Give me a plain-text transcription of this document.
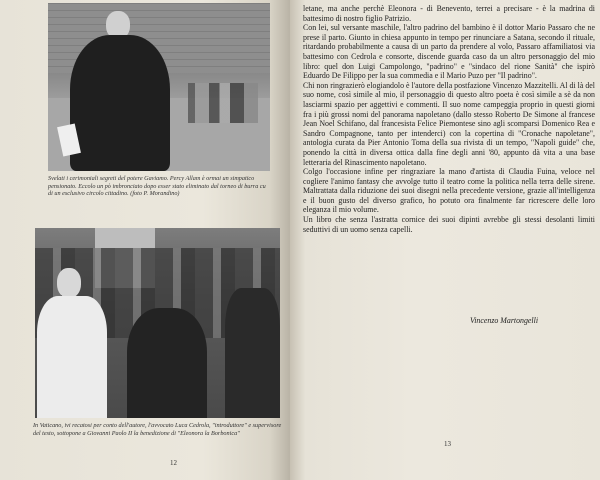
Svelati i cerimoniali segreti del potere Gaviamo. Percy Allam è ormai un simpatico pensionato. Eccolo un pò imbronciato dopo esser stato eliminato dal torneo di burra cu di un esclusivo circolo cittadino. (foto P. Morandino)

In Vaticano, ivi recatosi per conto dell'autore, l'avvocato Luca Cedrola, "introduttore" e supervisore del testo, sottopone a Giovanni Paolo II la benedizione di "Eleonora la Borbonica"

12

letane, ma anche perchè Eleonora - di Benevento, terrei a precisare - è la madrina di battesimo di nostro figlio Patrizio.

Con lei, sul versante maschile, l'altro padrino del bambino è il dottor Mario Passaro che ne prese il parto. Giunto in chiesa appunto in tempo per rinunciare a Satana, secondo il rituale, ritardando probabilmente a causa di un parto da prendere al volo, Passaro affamiliatosi via battesimo con Cedrola e consorte, discende guarda caso da un altro personaggio del mio libro: quel don Luigi Campolongo, "padrino" e "sindaco del rione Sanità" che ispirò Eduardo De Filippo per la sua commedia e il Mario Puzo per "Il padrino".

Chi non ringrazierò elogiandolo è l'autore della postfazione Vincenzo Mazzitelli. Al di là del suo nome, così simile al mio, il personaggio di questo altro poeta è così simile a sè da non lasciarmi spazio per aggettivi e commenti. Il suo nome campeggia proprio in questi giorni fra i più grossi nomi del panorama napoletano (dallo stesso Roberto De Simone al francese Jean Noel Schifano, dal francesista Felice Piemontese sino agli scomparsi Domenico Rea e Sandro Compagnone, tanto per intenderci) con la copertina di "Cronache napoletane", antologia curata da Pier Antonio Toma della sua rivista di un tempo, "Napoli guide" che, ponendo la città in diversa ottica dalla fine degli anni '80, appunto dà vita a una base letteraria del Rinascimento napoletano.

Colgo l'occasione infine per ringraziare la mano d'artista di Claudia Fuina, veloce nel cogliere l'animo fantasy che avvolge tutto il teatro come la politica nella terra delle sirene. Maltrattata dalla riduzione dei suoi disegni nella precedente versione, grazie all'intelligenza e il buon gusto del diverso grafico, ho potuto ora finalmente far ricrescere delle loro eleganza il mio volume.

Un libro che senza l'astratta cornice dei suoi dipinti avrebbe gli stessi desolanti limiti seduttivi di un uomo senza capelli.

Vincenzo Martongelli
13
